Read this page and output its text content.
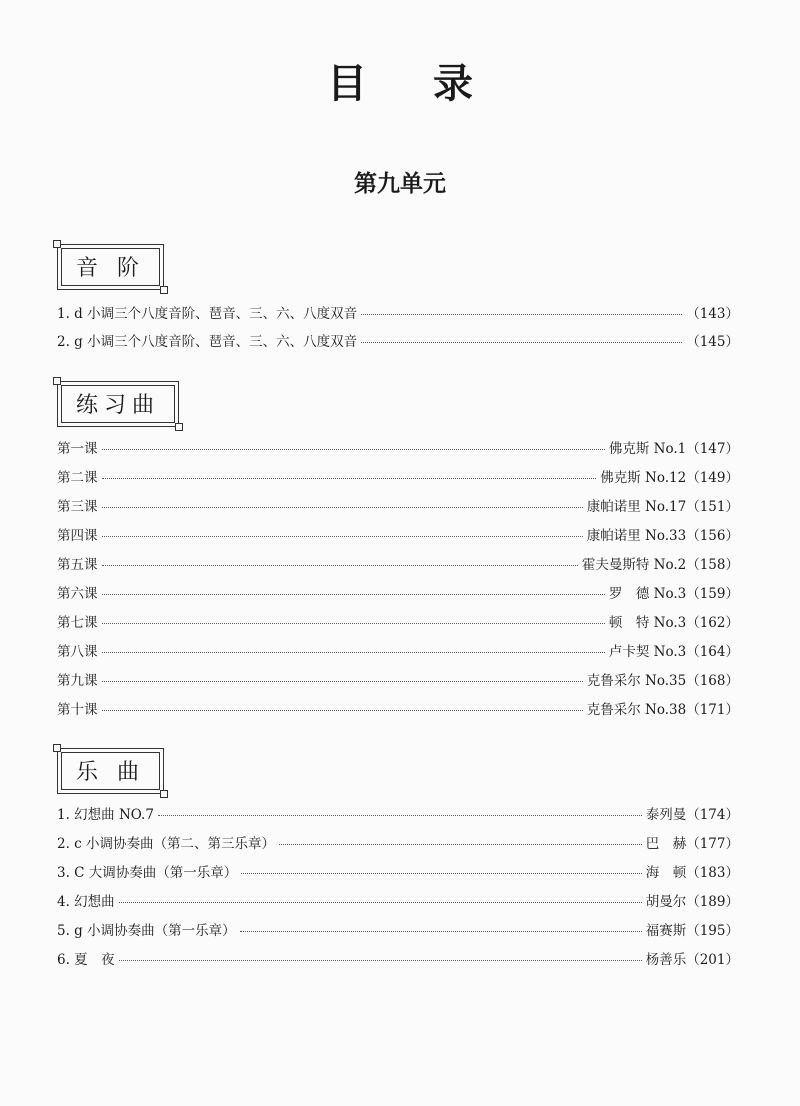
目 录
第九单元
音 阶
1. d 小调三个八度音阶、琶音、三、六、八度双音	（143）
2. g 小调三个八度音阶、琶音、三、六、八度双音	（145）
练习曲
第一课	佛克斯 No.1（147）
第二课	佛克斯 No.12（149）
第三课	康帕诺里 No.17（151）
第四课	康帕诺里 No.33（156）
第五课	霍夫曼斯特 No.2（158）
第六课	罗　德 No.3（159）
第七课	顿　特 No.3（162）
第八课	卢卡契 No.3（164）
第九课	克鲁采尔 No.35（168）
第十课	克鲁采尔 No.38（171）
乐 曲
1. 幻想曲 NO.7	泰列曼（174）
2. c 小调协奏曲（第二、第三乐章）	巴　赫（177）
3. C 大调协奏曲（第一乐章）	海　顿（183）
4. 幻想曲	胡曼尔（189）
5. g 小调协奏曲（第一乐章）	福赛斯（195）
6. 夏　夜	杨善乐（201）
